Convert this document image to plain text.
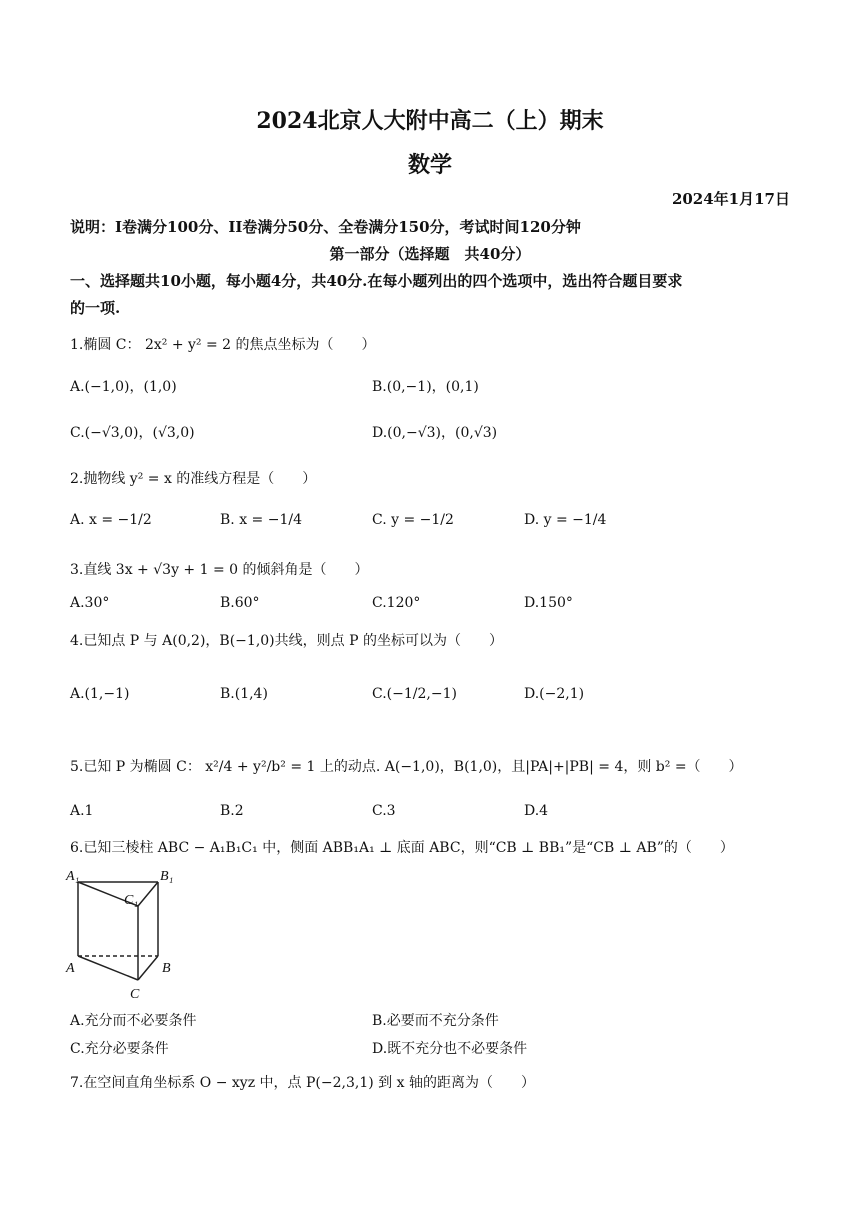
2024北京人大附中高二（上）期末
数学
2024年1月17日
说明：I卷满分100分、II卷满分50分、全卷满分150分，考试时间120分钟
第一部分（选择题　共40分）
一、选择题共10小题，每小题4分，共40分.在每小题列出的四个选项中，选出符合题目要求
的一项.
1.椭圆 C： 2x² + y² = 2 的焦点坐标为（　　）
A.(−1,0)，(1,0)	B.(0,−1)，(0,1)
C.(−√3,0)，(√3,0)	D.(0,−√3)，(0,√3)
2.抛物线 y² = x 的准线方程是（　　）
A. x = −1/2	B. x = −1/4	C. y = −1/2	D. y = −1/4
3.直线 3x + √3y + 1 = 0 的倾斜角是（　　）
A.30°	B.60°	C.120°	D.150°
4.已知点 P 与 A(0,2)，B(−1,0)共线，则点 P 的坐标可以为（　　）
A.(1,−1)	B.(1,4)	C.(−1/2,−1)	D.(−2,1)
5.已知 P 为椭圆 C： x²/4 + y²/b² = 1 上的动点. A(−1,0)，B(1,0)，且|PA|+|PB| = 4，则 b² =（　　）
A.1	B.2	C.3	D.4
6.已知三棱柱 ABC − A₁B₁C₁ 中，侧面 ABB₁A₁ ⊥ 底面 ABC，则“CB ⊥ BB₁”是“CB ⊥ AB”的（　　）
A₁	B₁
C₁
A	B
C
A.充分而不必要条件	B.必要而不充分条件
C.充分必要条件	D.既不充分也不必要条件
7.在空间直角坐标系 O − xyz 中，点 P(−2,3,1) 到 x 轴的距离为（　　）
